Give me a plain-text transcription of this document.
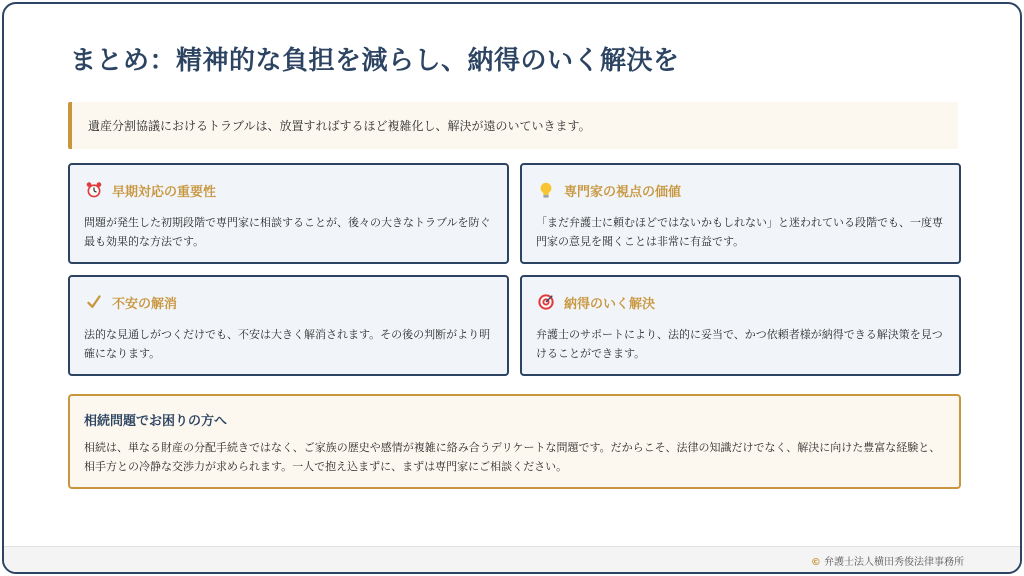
まとめ：精神的な負担を減らし、納得のいく解決を
遺産分割協議におけるトラブルは、放置すればするほど複雑化し、解決が遠のいていきます。
早期対応の重要性
問題が発生した初期段階で専門家に相談することが、後々の大きなトラブルを防ぐ最も効果的な方法です。
専門家の視点の価値
「まだ弁護士に頼むほどではないかもしれない」と迷われている段階でも、一度専門家の意見を聞くことは非常に有益です。
不安の解消
法的な見通しがつくだけでも、不安は大きく解消されます。その後の判断がより明確になります。
納得のいく解決
弁護士のサポートにより、法的に妥当で、かつ依頼者様が納得できる解決策を見つけることができます。
相続問題でお困りの方へ
相続は、単なる財産の分配手続きではなく、ご家族の歴史や感情が複雑に絡み合うデリケートな問題です。だからこそ、法律の知識だけでなく、解決に向けた豊富な経験と、相手方との冷静な交渉力が求められます。一人で抱え込まずに、まずは専門家にご相談ください。
© 弁護士法人横田秀俊法律事務所
